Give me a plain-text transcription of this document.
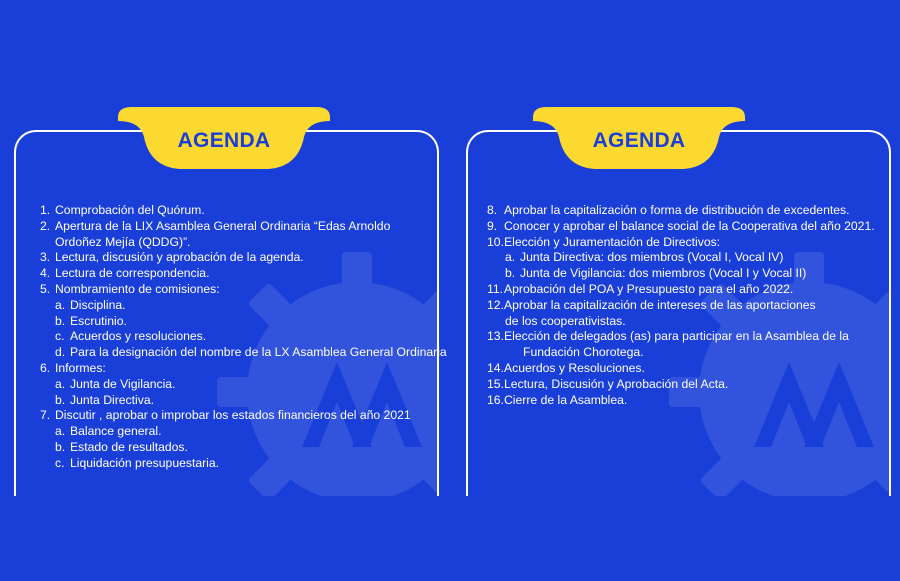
AGENDA
1. Comprobación del Quórum.
2. Apertura de la LIX Asamblea General Ordinaria “Edas Arnoldo
Ordoñez Mejía (QDDG)”.
3. Lectura, discusión y aprobación de la agenda.
4. Lectura de correspondencia.
5. Nombramiento de comisiones:
a. Disciplina.
b. Escrutinio.
c. Acuerdos y resoluciones.
d. Para la designación del nombre de la LX Asamblea General Ordinaria
6. Informes:
a. Junta de Vigilancia.
b. Junta Directiva.
7. Discutir , aprobar o improbar los estados financieros del año 2021
a. Balance general.
b. Estado de resultados.
c. Liquidación presupuestaria.
AGENDA
8. Aprobar la capitalización o forma de distribución de excedentes.
9. Conocer y aprobar el balance social de la Cooperativa del año 2021.
10.Elección y Juramentación de Directivos:
a. Junta Directiva: dos miembros (Vocal I, Vocal IV)
b. Junta de Vigilancia: dos miembros (Vocal I y Vocal II)
11.Aprobación del POA y Presupuesto para el año 2022.
12.Aprobar la capitalización de intereses de las aportaciones
de los cooperativistas.
13.Elección de delegados (as) para participar en la Asamblea de la
Fundación Chorotega.
14.Acuerdos y Resoluciones.
15.Lectura, Discusión y Aprobación del Acta.
16.Cierre de la Asamblea.
